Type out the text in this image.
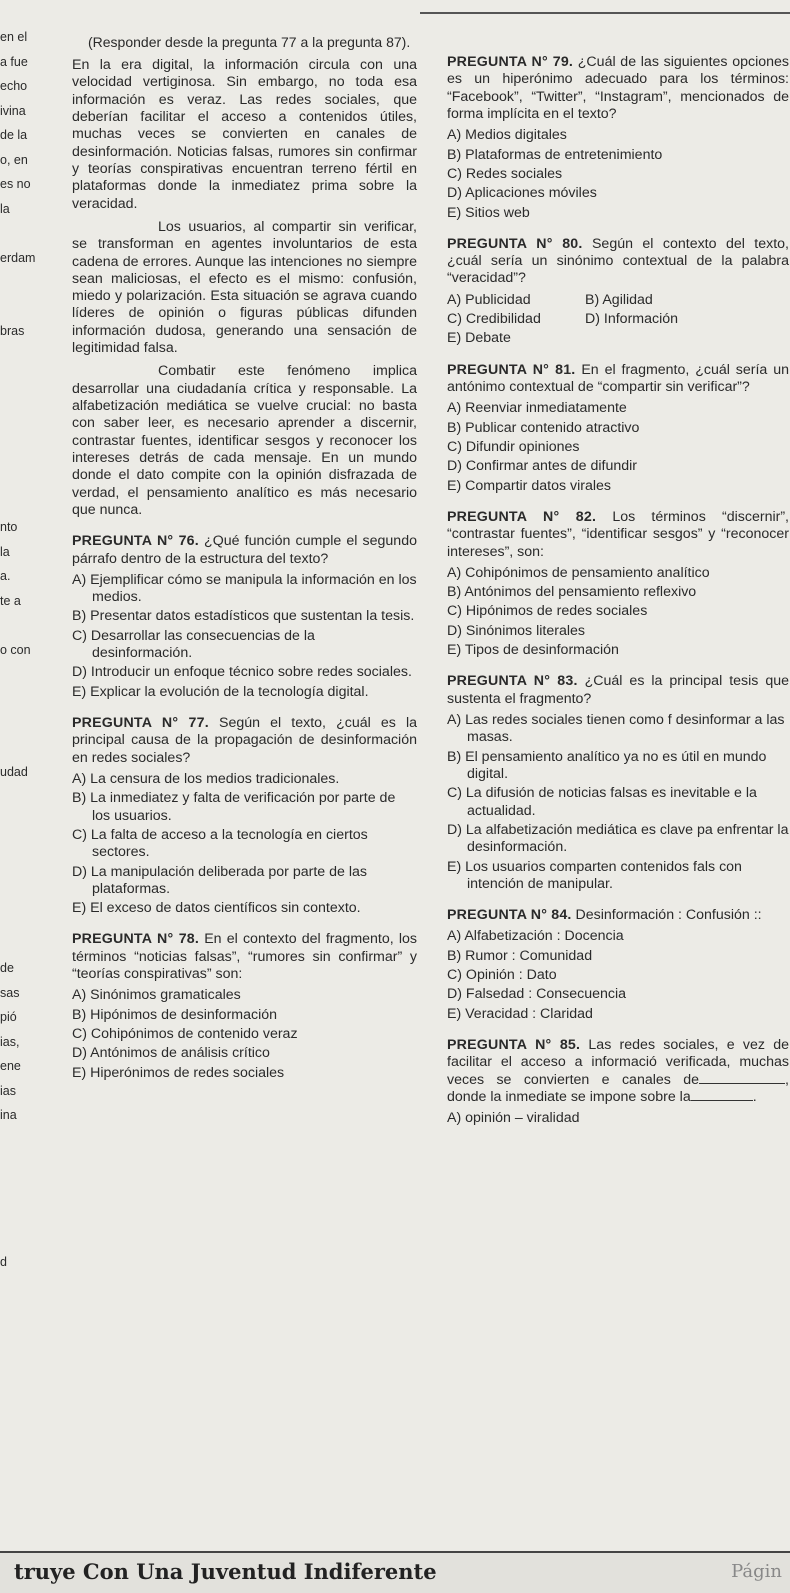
en el
a fue
echo
ivina
de la
o, en
es no
la
erdam
bras
nto
la
a.
te a
o con
udad
de
sas
pió
ias,
ene
ias
ina
d

(Responder desde la pregunta 77 a la pregunta 87).

En la era digital, la información circula con una velocidad vertiginosa. Sin embargo, no toda esa información es veraz. Las redes sociales, que deberían facilitar el acceso a contenidos útiles, muchas veces se convierten en canales de desinformación. Noticias falsas, rumores sin confirmar y teorías conspirativas encuentran terreno fértil en plataformas donde la inmediatez prima sobre la veracidad.

Los usuarios, al compartir sin verificar, se transforman en agentes involuntarios de esta cadena de errores. Aunque las intenciones no siempre sean maliciosas, el efecto es el mismo: confusión, miedo y polarización. Esta situación se agrava cuando líderes de opinión o figuras públicas difunden información dudosa, generando una sensación de legitimidad falsa.

Combatir este fenómeno implica desarrollar una ciudadanía crítica y responsable. La alfabetización mediática se vuelve crucial: no basta con saber leer, es necesario aprender a discernir, contrastar fuentes, identificar sesgos y reconocer los intereses detrás de cada mensaje. En un mundo donde el dato compite con la opinión disfrazada de verdad, el pensamiento analítico es más necesario que nunca.

PREGUNTA N° 76. ¿Qué función cumple el segundo párrafo dentro de la estructura del texto?

A) Ejemplificar cómo se manipula la información en los medios.
B) Presentar datos estadísticos que sustentan la tesis.
C) Desarrollar las consecuencias de la desinformación.
D) Introducir un enfoque técnico sobre redes sociales.
E) Explicar la evolución de la tecnología digital.

PREGUNTA N° 77. Según el texto, ¿cuál es la principal causa de la propagación de desinformación en redes sociales?

A) La censura de los medios tradicionales.
B) La inmediatez y falta de verificación por parte de los usuarios.
C) La falta de acceso a la tecnología en ciertos sectores.
D) La manipulación deliberada por parte de las plataformas.
E) El exceso de datos científicos sin contexto.

PREGUNTA N° 78. En el contexto del fragmento, los términos “noticias falsas”, “rumores sin confirmar” y “teorías conspirativas” son:

A) Sinónimos gramaticales
B) Hipónimos de desinformación
C) Cohipónimos de contenido veraz
D) Antónimos de análisis crítico
E) Hiperónimos de redes sociales

PREGUNTA N° 79. ¿Cuál de las siguientes opciones es un hiperónimo adecuado para los términos: “Facebook”, “Twitter”, “Instagram”, mencionados de forma implícita en el texto?

A) Medios digitales
B) Plataformas de entretenimiento
C) Redes sociales
D) Aplicaciones móviles
E) Sitios web

PREGUNTA N° 80. Según el contexto del texto, ¿cuál sería un sinónimo contextual de la palabra “veracidad”?

A) Publicidad	B) Agilidad
C) Credibilidad	D) Información
E) Debate

PREGUNTA N° 81. En el fragmento, ¿cuál sería un antónimo contextual de “compartir sin verificar”?

A) Reenviar inmediatamente
B) Publicar contenido atractivo
C) Difundir opiniones
D) Confirmar antes de difundir
E) Compartir datos virales

PREGUNTA N° 82. Los términos “discernir”, “contrastar fuentes”, “identificar sesgos” y “reconocer intereses”, son:

A) Cohipónimos de pensamiento analítico
B) Antónimos del pensamiento reflexivo
C) Hipónimos de redes sociales
D) Sinónimos literales
E) Tipos de desinformación

PREGUNTA N° 83. ¿Cuál es la principal tesis que sustenta el fragmento?

A) Las redes sociales tienen como f desinformar a las masas.
B) El pensamiento analítico ya no es útil en mundo digital.
C) La difusión de noticias falsas es inevitable e la actualidad.
D) La alfabetización mediática es clave pa enfrentar la desinformación.
E) Los usuarios comparten contenidos fals con intención de manipular.

PREGUNTA N° 84. Desinformación : Confusión ::

A) Alfabetización : Docencia
B) Rumor : Comunidad
C) Opinión : Dato
D) Falsedad : Consecuencia
E) Veracidad : Claridad

PREGUNTA N° 85. Las redes sociales, e vez de facilitar el acceso a informació verificada, muchas veces se convierten e canales de	, donde la inmediate se impone sobre la	.

A) opinión – viralidad
truye Con Una Juventud Indiferente	Págin
